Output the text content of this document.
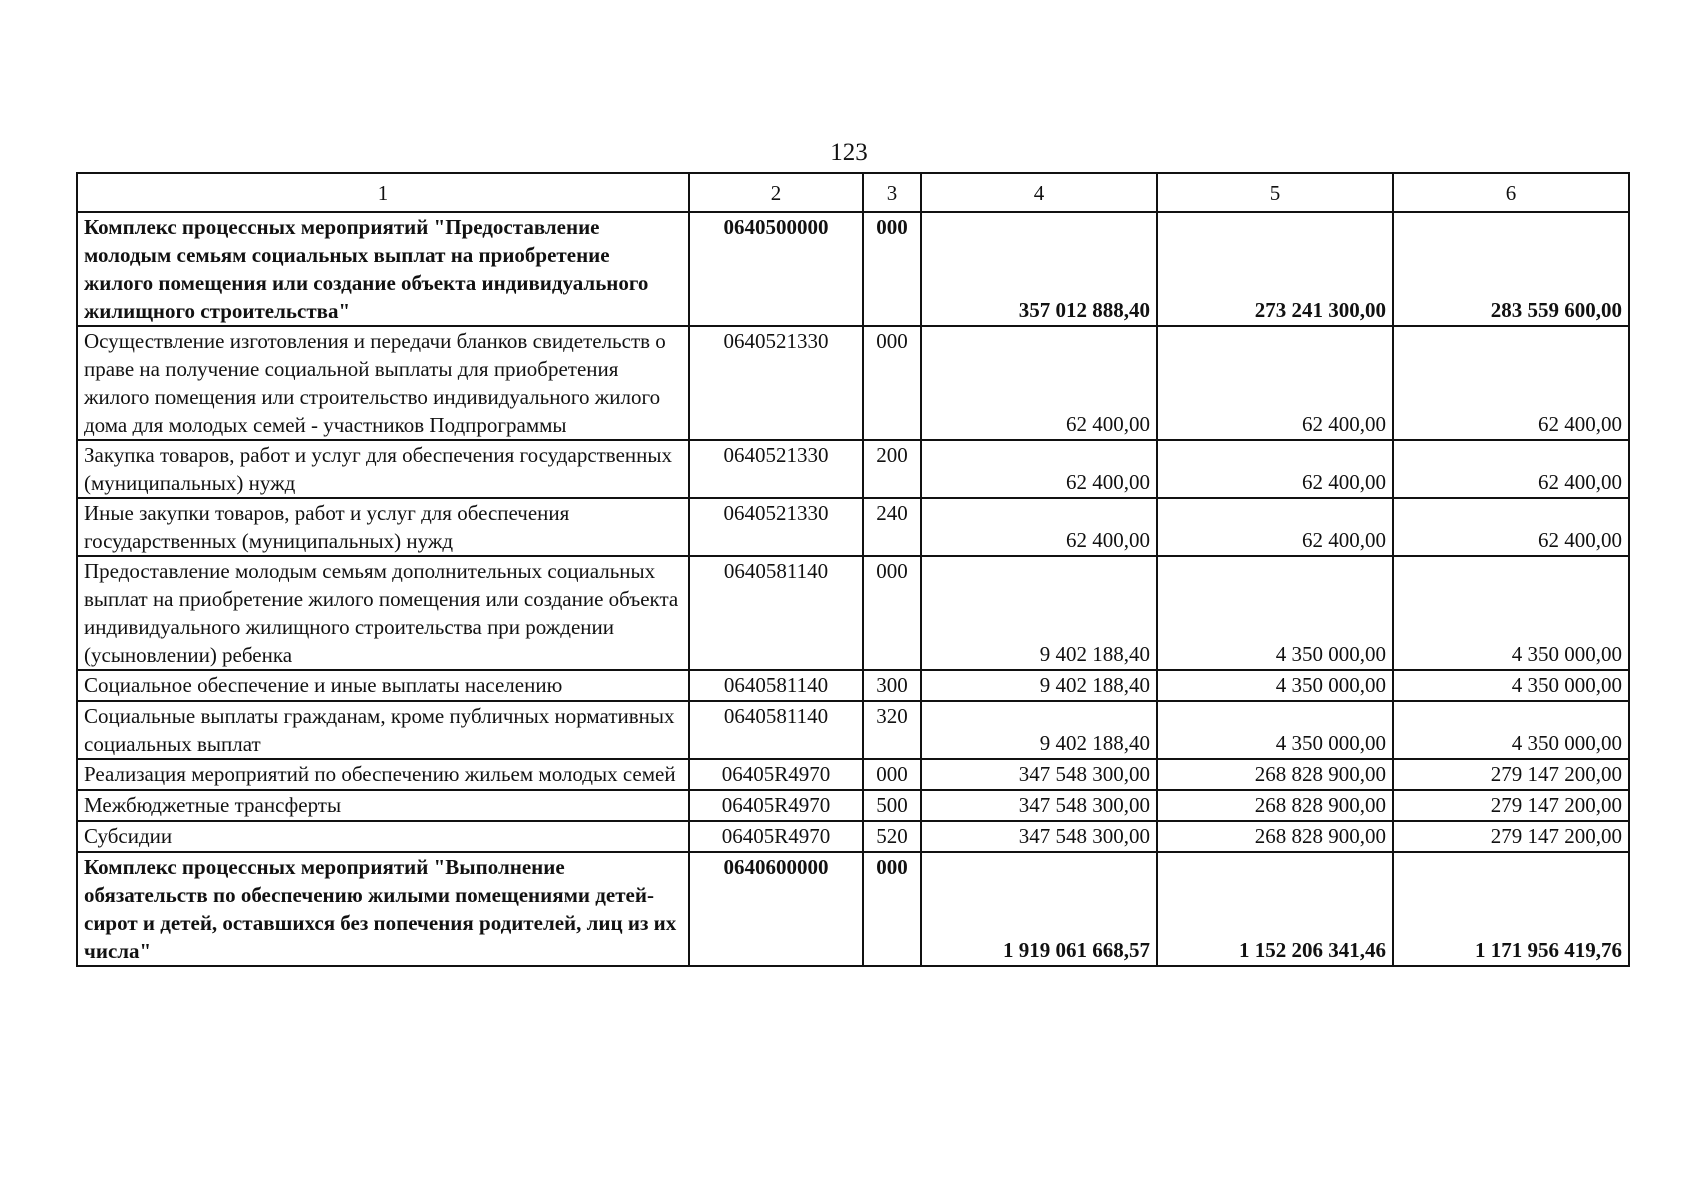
123
1	2	3	4	5	6
Комплекс процессных мероприятий "Предоставление молодым семьям социальных выплат на приобретение жилого помещения или создание объекта индивидуального жилищного строительства"	0640500000	000	357 012 888,40	273 241 300,00	283 559 600,00
Осуществление изготовления и передачи бланков свидетельств о праве на получение социальной выплаты для приобретения жилого помещения или строительство индивидуального жилого дома для молодых семей - участников Подпрограммы	0640521330	000	62 400,00	62 400,00	62 400,00
Закупка товаров, работ и услуг для обеспечения государственных (муниципальных) нужд	0640521330	200	62 400,00	62 400,00	62 400,00
Иные закупки товаров, работ и услуг для обеспечения государственных (муниципальных) нужд	0640521330	240	62 400,00	62 400,00	62 400,00
Предоставление молодым семьям дополнительных социальных выплат на приобретение жилого помещения или создание объекта индивидуального жилищного строительства при рождении (усыновлении) ребенка	0640581140	000	9 402 188,40	4 350 000,00	4 350 000,00
Социальное обеспечение и иные выплаты населению	0640581140	300	9 402 188,40	4 350 000,00	4 350 000,00
Социальные выплаты гражданам, кроме публичных нормативных социальных выплат	0640581140	320	9 402 188,40	4 350 000,00	4 350 000,00
Реализация мероприятий по обеспечению жильем молодых семей	06405R4970	000	347 548 300,00	268 828 900,00	279 147 200,00
Межбюджетные трансферты	06405R4970	500	347 548 300,00	268 828 900,00	279 147 200,00
Субсидии	06405R4970	520	347 548 300,00	268 828 900,00	279 147 200,00
Комплекс процессных мероприятий "Выполнение обязательств по обеспечению жилыми помещениями детей-сирот и детей, оставшихся без попечения родителей, лиц из их числа"	0640600000	000	1 919 061 668,57	1 152 206 341,46	1 171 956 419,76
